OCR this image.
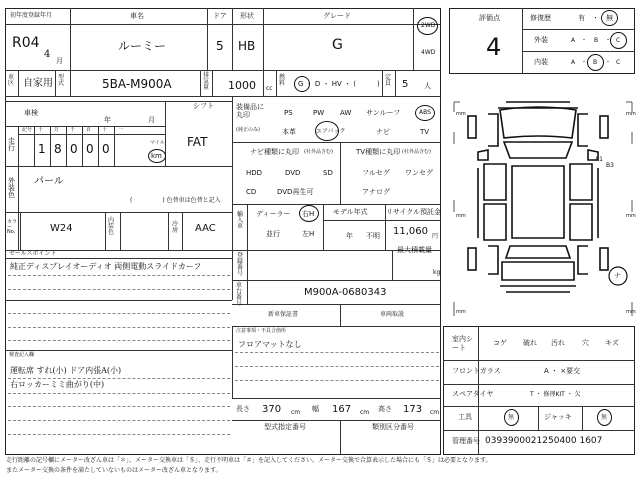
初年度登録年月
R04
4
月
車名
ルーミー
ドア
5
形状
HB
グレード
G
2WD
4WD
車区 自家用
型式	5BA-M900A
排気量 1000 cc
燃料 G ・ D ・ HV ・ (　　　)
定員 5 人
車検
年	月
シフト
FAT
走行
記号 十 万 千 百 十 一
1 8 0 0 0	マイル
km
外装色
パール
(　　　　　) 色替車は色替と記入
カラーNo.	W24
内装色
冷房 AAC
装備品に丸印
(純正のみ)
PS	PW AW サンルーフ	ABS
本革	エアバック	ナビ	TV
ナビ種類に丸印 (社外品含む)
HDD	DVD	SD
CD	DVD再生可
TV種類に丸印 (社外品含む)
フルセグ ワンセグ
アナログ
輸入車
ディーラー 右H
並行	左H
モデル年式
年 不明
リサイクル預託金
11,060 円
セールスポイント
純正ディスプレイオーディオ 両側電動スライドカーフ
登録番号
最大積載量
kg
車台番号
M900A-0680343
新車保証書	車両取説
注意事項・不具合箇所
フロアマットなし
検査記入欄
運転席 すれ(小) ドア内張A(小)
右ロッカーミミ曲がり(中)
長さ 370 cm 幅 167 cm 高さ 173 cm
型式指定番号	類別区分番号
評価点
4
修復歴	有 ・ 無
外装	A ・ B ・ C
内装	A ・ B ・ C
mm	mm
mm	mm
mm	mm
A1
B3
ナ
室内シート
コゲ 破れ 汚れ 穴 キズ
フロントガラス	A ・ ×要交
スペアタイヤ	T ・ 修理KIT ・ 欠
工具	無	ジャッキ	無
管理番号 0393900021250400 1607
走行距離の記号欄にメーター改ざん車は「＊」、メーター交換車は「＄」、走行不明車は「＃」を記入してください。メーター交換で合算表示した場合にも「＄」は必要となります。
またメーター交換の条件を満たしていないものはメーター改ざん車となります。
